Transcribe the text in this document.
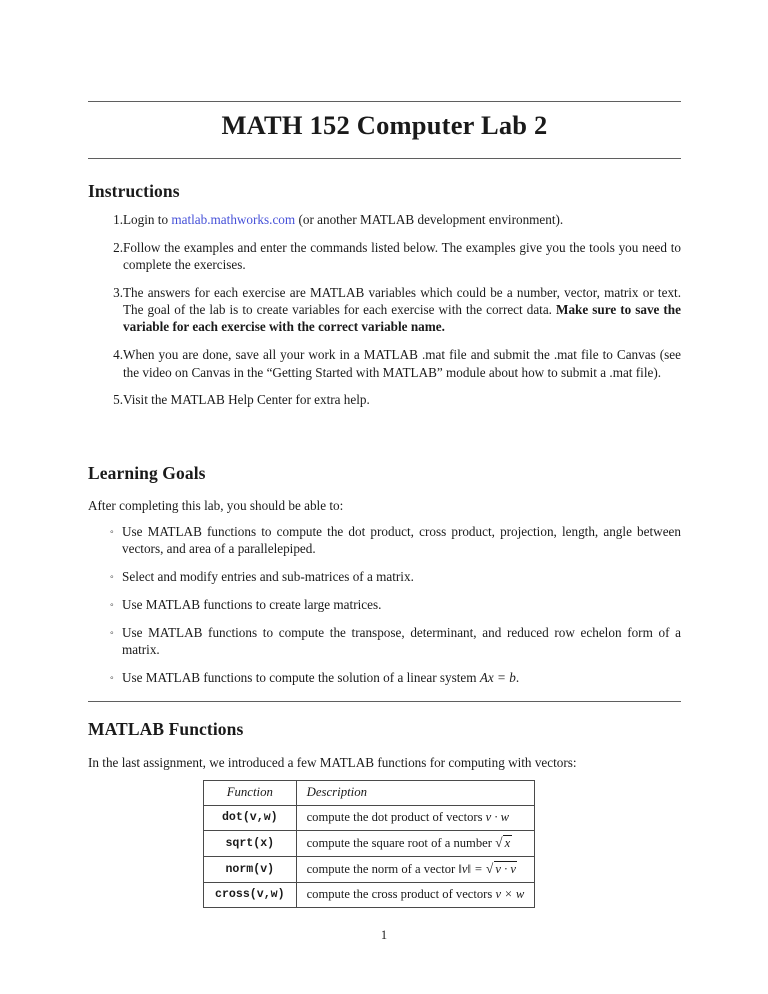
MATH 152 Computer Lab 2
Instructions
1. Login to matlab.mathworks.com (or another MATLAB development environment).
2. Follow the examples and enter the commands listed below. The examples give you the tools you need to complete the exercises.
3. The answers for each exercise are MATLAB variables which could be a number, vector, matrix or text. The goal of the lab is to create variables for each exercise with the correct data. Make sure to save the variable for each exercise with the correct variable name.
4. When you are done, save all your work in a MATLAB .mat file and submit the .mat file to Canvas (see the video on Canvas in the “Getting Started with MATLAB” module about how to submit a .mat file).
5. Visit the MATLAB Help Center for extra help.
Learning Goals
After completing this lab, you should be able to:
◦ Use MATLAB functions to compute the dot product, cross product, projection, length, angle between vectors, and area of a parallelepiped.
◦ Select and modify entries and sub-matrices of a matrix.
◦ Use MATLAB functions to create large matrices.
◦ Use MATLAB functions to compute the transpose, determinant, and reduced row echelon form of a matrix.
◦ Use MATLAB functions to compute the solution of a linear system Ax = b.
MATLAB Functions
In the last assignment, we introduced a few MATLAB functions for computing with vectors:
Function	Description
dot(v,w)	compute the dot product of vectors v · w
sqrt(x)	compute the square root of a number √ x
norm(v)	compute the norm of a vector ‖v‖ = √ v · v
cross(v,w)	compute the cross product of vectors v × w
1
